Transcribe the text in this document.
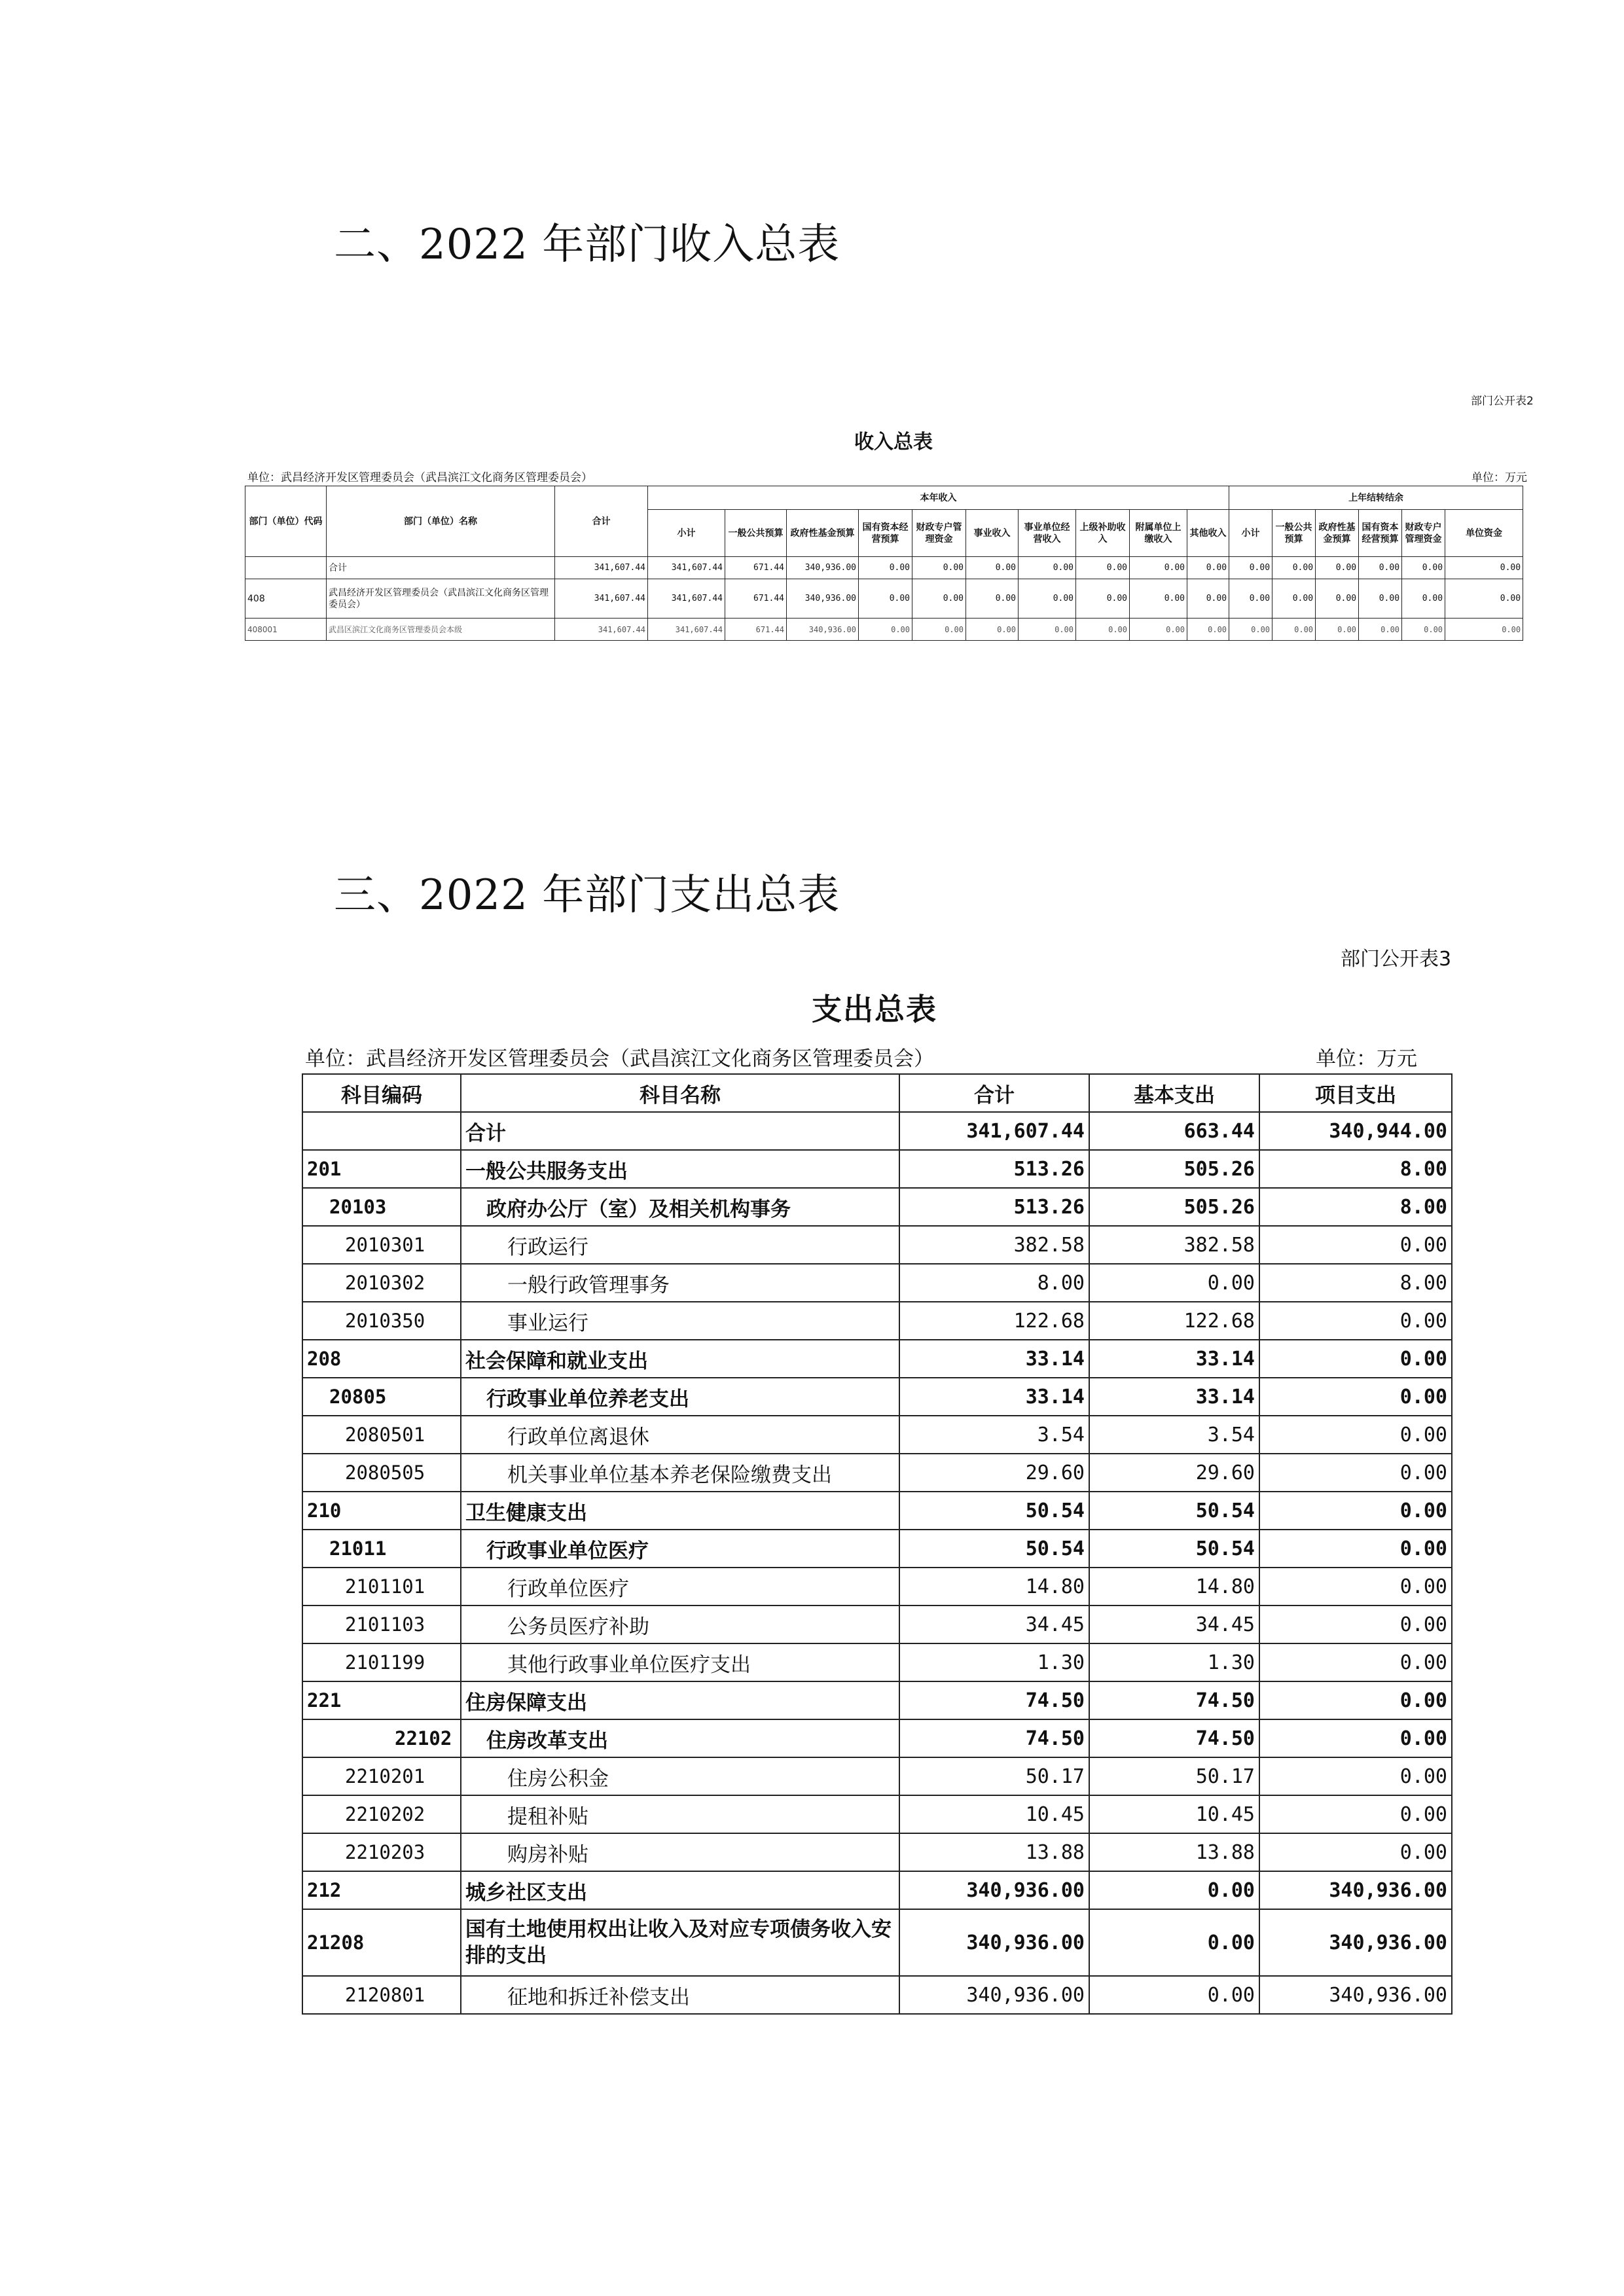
二、2022 年部门收入总表
部门公开表2
收入总表
单位：武昌经济开发区管理委员会（武昌滨江文化商务区管理委员会）	单位：万元
部门（单位）代码	部门（单位）名称	合计	本年收入										上年结转结余					
			小计	一般公共预算	政府性基金预算	国有资本经营预算	财政专户管理资金	事业收入	事业单位经营收入	上级补助收入	附属单位上缴收入	其他收入	小计	一般公共预算	政府性基金预算	国有资本经营预算	财政专户管理资金	单位资金
	合计	341,607.44	341,607.44	671.44	340,936.00	0.00	0.00	0.00	0.00	0.00	0.00	0.00	0.00	0.00	0.00	0.00	0.00	0.00
408	武昌经济开发区管理委员会（武昌滨江文化商务区管理委员会）	341,607.44	341,607.44	671.44	340,936.00	0.00	0.00	0.00	0.00	0.00	0.00	0.00	0.00	0.00	0.00	0.00	0.00	0.00
408001	武昌区滨江文化商务区管理委员会本级	341,607.44	341,607.44	671.44	340,936.00	0.00	0.00	0.00	0.00	0.00	0.00	0.00	0.00	0.00	0.00	0.00	0.00	0.00
三、2022 年部门支出总表
部门公开表3
支出总表
单位：武昌经济开发区管理委员会（武昌滨江文化商务区管理委员会）	单位：万元
科目编码	科目名称	合计	基本支出	项目支出
	合计	341,607.44	663.44	340,944.00
201	一般公共服务支出	513.26	505.26	8.00
20103	政府办公厅（室）及相关机构事务	513.26	505.26	8.00
2010301	行政运行	382.58	382.58	0.00
2010302	一般行政管理事务	8.00	0.00	8.00
2010350	事业运行	122.68	122.68	0.00
208	社会保障和就业支出	33.14	33.14	0.00
20805	行政事业单位养老支出	33.14	33.14	0.00
2080501	行政单位离退休	3.54	3.54	0.00
2080505	机关事业单位基本养老保险缴费支出	29.60	29.60	0.00
210	卫生健康支出	50.54	50.54	0.00
21011	行政事业单位医疗	50.54	50.54	0.00
2101101	行政单位医疗	14.80	14.80	0.00
2101103	公务员医疗补助	34.45	34.45	0.00
2101199	其他行政事业单位医疗支出	1.30	1.30	0.00
221	住房保障支出	74.50	74.50	0.00
22102	住房改革支出	74.50	74.50	0.00
2210201	住房公积金	50.17	50.17	0.00
2210202	提租补贴	10.45	10.45	0.00
2210203	购房补贴	13.88	13.88	0.00
212	城乡社区支出	340,936.00	0.00	340,936.00
21208	国有土地使用权出让收入及对应专项债务收入安排的支出	340,936.00	0.00	340,936.00
2120801	征地和拆迁补偿支出	340,936.00	0.00	340,936.00
